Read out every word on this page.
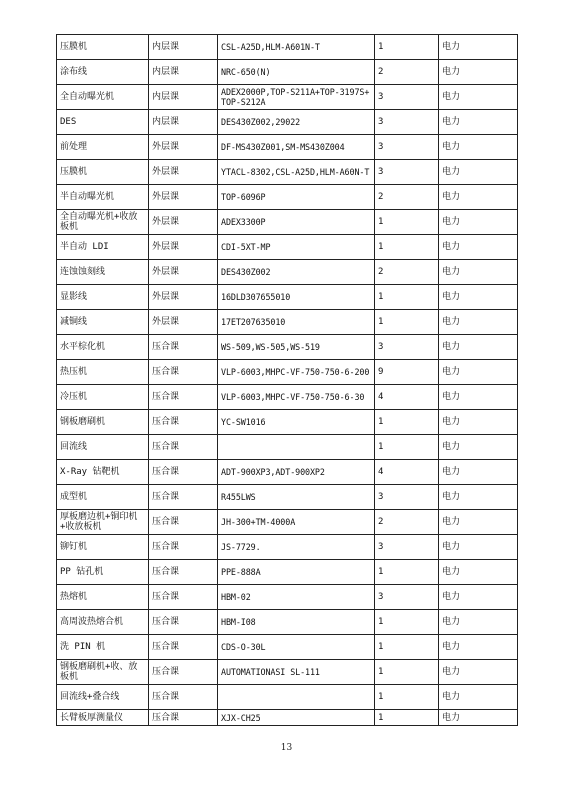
压膜机	内层课	CSL-A25D,HLM-A601N-T	1	电力
涂布线	内层课	NRC-650(N)	2	电力
全自动曝光机	内层课	ADEX2000P,TOP-S211A+TOP-3197S+TOP-S212A	3	电力
DES	内层课	DES430Z002,29022	3	电力
前处理	外层课	DF-MS430Z001,SM-MS430Z004	3	电力
压膜机	外层课	YTACL-8302,CSL-A25D,HLM-A60N-T	3	电力
半自动曝光机	外层课	TOP-6096P	2	电力
全自动曝光机+收放板机	外层课	ADEX3300P	1	电力
半自动 LDI	外层课	CDI-5XT-MP	1	电力
连蚀蚀刻线	外层课	DES430Z002	2	电力
显影线	外层课	16DLD307655010	1	电力
减铜线	外层课	17ET207635010	1	电力
水平棕化机	压合课	WS-509,WS-505,WS-519	3	电力
热压机	压合课	VLP-6003,MHPC-VF-750-750-6-200	9	电力
冷压机	压合课	VLP-6003,MHPC-VF-750-750-6-30	4	电力
钢板磨刷机	压合课	YC-SW1016	1	电力
回流线	压合课		1	电力
X-Ray 钻靶机	压合课	ADT-900XP3,ADT-900XP2	4	电力
成型机	压合课	R455LWS	3	电力
厚板磨边机+铜印机+收放板机	压合课	JH-300+TM-4000A	2	电力
铆钉机	压合课	JS-7729.	3	电力
PP 钻孔机	压合课	PPE-888A	1	电力
热熔机	压合课	HBM-02	3	电力
高周波热熔合机	压合课	HBM-I08	1	电力
洗 PIN 机	压合课	CDS-O-30L	1	电力
钢板磨刷机+收、放板机	压合课	AUTOMATIONASI SL-111	1	电力
回流线+叠合线	压合课		1	电力
长臂板厚测量仪	压合课	XJX-CH25	1	电力
13
